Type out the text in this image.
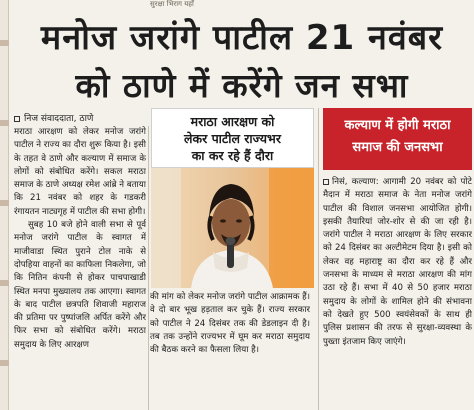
सुरक्षा भिराग यहाँ
मनोज जरांगे पाटील 21 नवंबर
को ठाणे में करेंगे जन सभा
निज संवाददाता, ठाणे

मराठा आरक्षण को लेकर मनोज जरांगे पाटील ने राज्य का दौरा शुरू किया है। इसी के तहत वे ठाणे और कल्याण में समाज के लोगों को संबोधित करेंगे। सकल मराठा समाज के ठाणे अध्यक्ष रमेश आंब्रे ने बताया कि 21 नवंबर को शहर के गडकरी रंगायतन नाट्यगृह में पाटील की सभा होगी।

सुबह 10 बजे होने वाली सभा से पूर्व मनोज जरांगे पाटील के स्वागत में माजीवाडा स्थित पुराने टोल नाके से दोपहिया वाहनों का काफिला निकलेगा, जो कि नितिन कंपनी से होकर पाचपाखाडी स्थित मनपा मुख्यालय तक आएगा। स्वागत के बाद पाटील छत्रपति शिवाजी महाराज की प्रतिमा पर पुष्पांजलि अर्पित करेंगे और फिर सभा को संबोधित करेंगे। मराठा समुदाय के लिए आरक्षण

मराठा आरक्षण को
लेकर पाटील राज्यभर
का कर रहे हैं दौरा

की मांग को लेकर मनोज जरांगे पाटील आक्रामक हैं। वे दो बार भूख हड़ताल कर चुके हैं। राज्य सरकार को पाटील ने 24 दिसंबर तक की डेडलाइन दी है। तब तक उन्होंने राज्यभर में घूम कर मराठा समुदाय की बैठक करने का फैसला लिया है।

कल्याण में होगी मराठा
समाज की जनसभा

निसं, कल्याण: आगामी 20 नवंबर को पोटे मैदान में मराठा समाज के नेता मनोज जरांगे पाटील की विशाल जनसभा आयोजित होगी। इसकी तैयारियां जोर-शोर से की जा रही है। जरांगे पाटील ने मराठा आरक्षण के लिए सरकार को 24 दिसंबर का अल्टीमेटम दिया है। इसी को लेकर वह महाराष्ट्र का दौरा कर रहे हैं और जनसभा के माध्यम से मराठा आरक्षण की मांग उठा रहे हैं। सभा में 40 से 50 हजार मराठा समुदाय के लोगों के शामिल होने की संभावना को देखते हुए 500 स्वयंसेवकों के साथ ही पुलिस प्रशासन की तरफ से सुरक्षा-व्यवस्था के पुख्ता इंतजाम किए जाएंगे।
